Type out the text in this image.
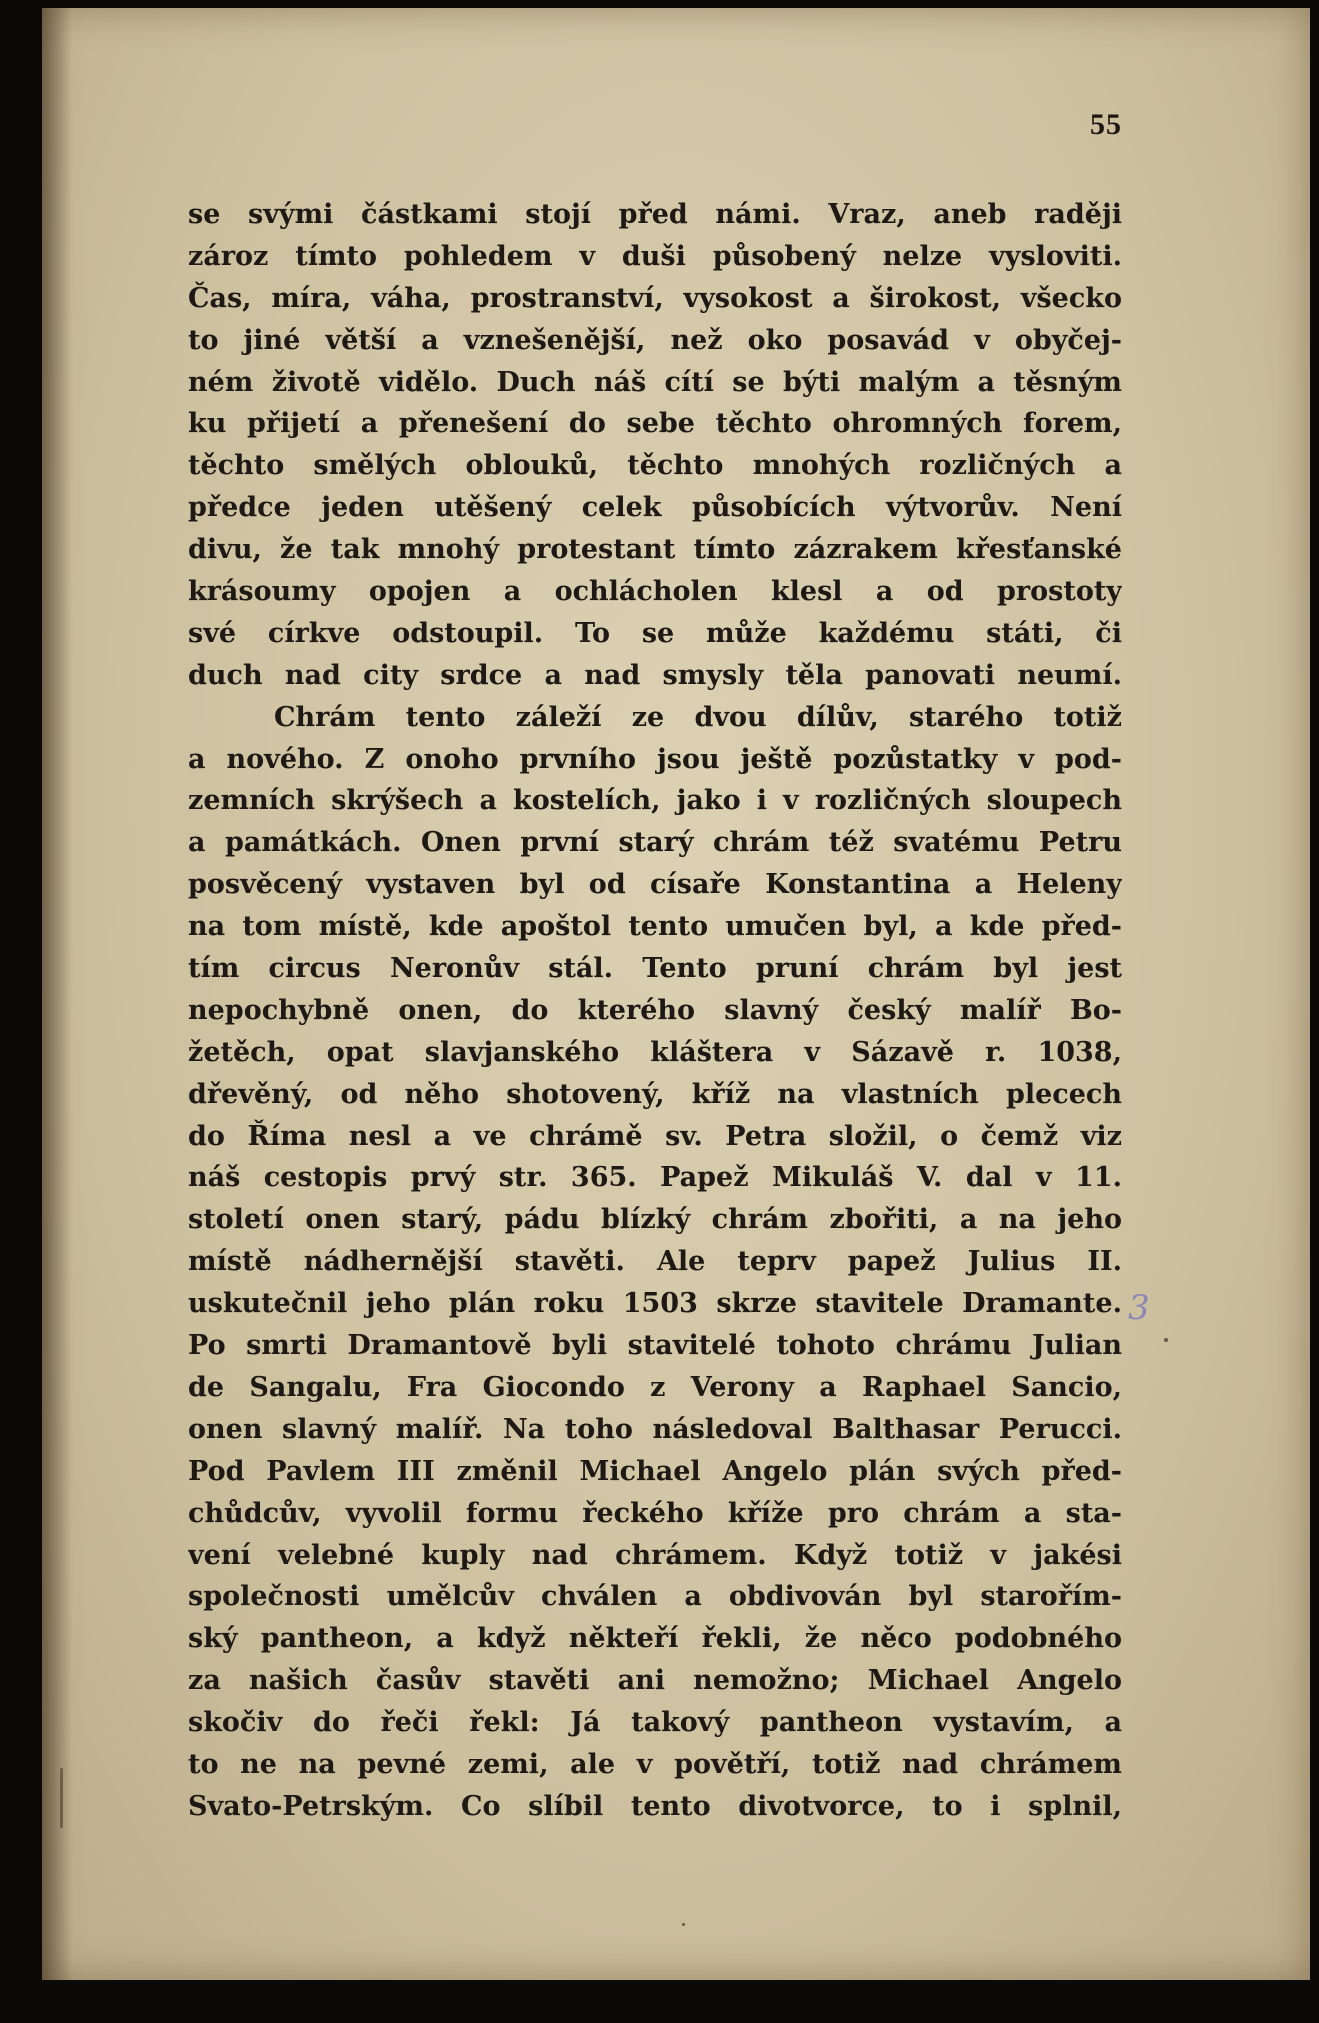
55
se svými částkami stojí před námi. Vraz, aneb raději
zároz tímto pohledem v duši působený nelze vysloviti.
Čas, míra, váha, prostranství, vysokost a širokost, všecko
to jiné větší a vznešenější, než oko posavád v obyčej-
ném životě vidělo. Duch náš cítí se býti malým a těsným
ku přijetí a přenešení do sebe těchto ohromných forem,
těchto smělých oblouků, těchto mnohých rozličných a
předce jeden utěšený celek působících výtvorův. Není
divu, že tak mnohý protestant tímto zázrakem křesťanské
krásoumy opojen a ochlácholen klesl a od prostoty
své církve odstoupil. To se může každému státi, či
duch nad city srdce a nad smysly těla panovati neumí.
Chrám tento záleží ze dvou dílův, starého totiž
a nového. Z onoho prvního jsou ještě pozůstatky v pod-
zemních skrýšech a kostelích, jako i v rozličných sloupech
a památkách. Onen první starý chrám též svatému Petru
posvěcený vystaven byl od císaře Konstantina a Heleny
na tom místě, kde apoštol tento umučen byl, a kde před-
tím circus Neronův stál. Tento pruní chrám byl jest
nepochybně onen, do kterého slavný český malíř Bo-
žetěch, opat slavjanského kláštera v Sázavě r. 1038,
dřevěný, od něho shotovený, kříž na vlastních plecech
do Říma nesl a ve chrámě sv. Petra složil, o čemž viz
náš cestopis prvý str. 365. Papež Mikuláš V. dal v 11.
století onen starý, pádu blízký chrám zbořiti, a na jeho
místě nádhernější stavěti. Ale teprv papež Julius II.
uskutečnil jeho plán roku 1503 skrze stavitele Dramante.
Po smrti Dramantově byli stavitelé tohoto chrámu Julian
de Sangalu, Fra Giocondo z Verony a Raphael Sancio,
onen slavný malíř. Na toho následoval Balthasar Perucci.
Pod Pavlem III změnil Michael Angelo plán svých před-
chůdcův, vyvolil formu řeckého kříže pro chrám a sta-
vení velebné kuply nad chrámem. Když totiž v jakési
společnosti umělcův chválen a obdivován byl starořím-
ský pantheon, a když někteří řekli, že něco podobného
za našich časův stavěti ani nemožno; Michael Angelo
skočiv do řeči řekl: Já takový pantheon vystavím, a
to ne na pevné zemi, ale v povětří, totiž nad chrámem
Svato-Petrským. Co slíbil tento divotvorce, to i splnil,
3
